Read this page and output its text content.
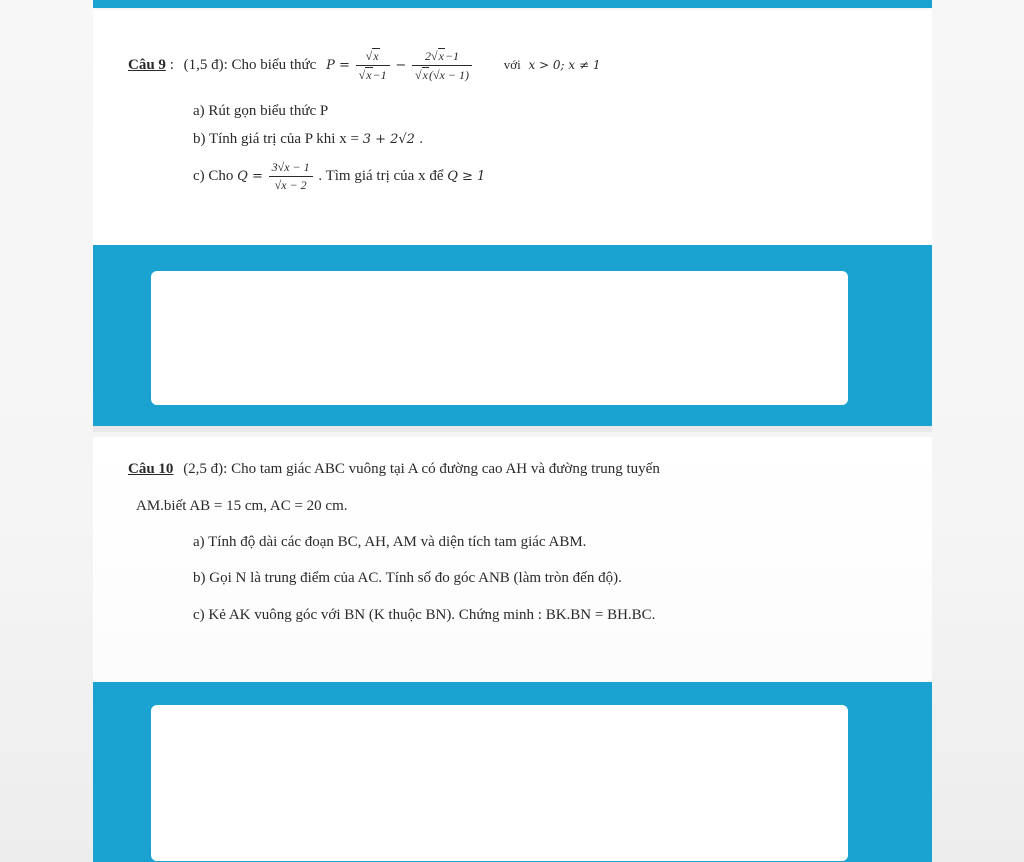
Câu 9 : (1,5 đ): Cho biểu thức $P = \frac{√x}{√x-1} - \frac{2√x-1}{√x(√x - 1)}$ với x > 0; x ≠ 1
a) Rút gọn biểu thức P
b) Tính giá trị của P khi x = 3 + 2√2 .
c) Cho $Q = \frac{3√x - 1}{√x - 2}$ . Tìm giá trị của x để Q ≥ 1
Câu 10 (2,5 đ): Cho tam giác ABC vuông tại A có đường cao AH và đường trung tuyến
AM.biết AB = 15 cm, AC = 20 cm.
a) Tính độ dài các đoạn BC, AH, AM và diện tích tam giác ABM.
b) Gọi N là trung điểm của AC. Tính số đo góc ANB (làm tròn đến độ).
c) Kẻ AK vuông góc với BN (K thuộc BN). Chứng minh : BK.BN = BH.BC.
